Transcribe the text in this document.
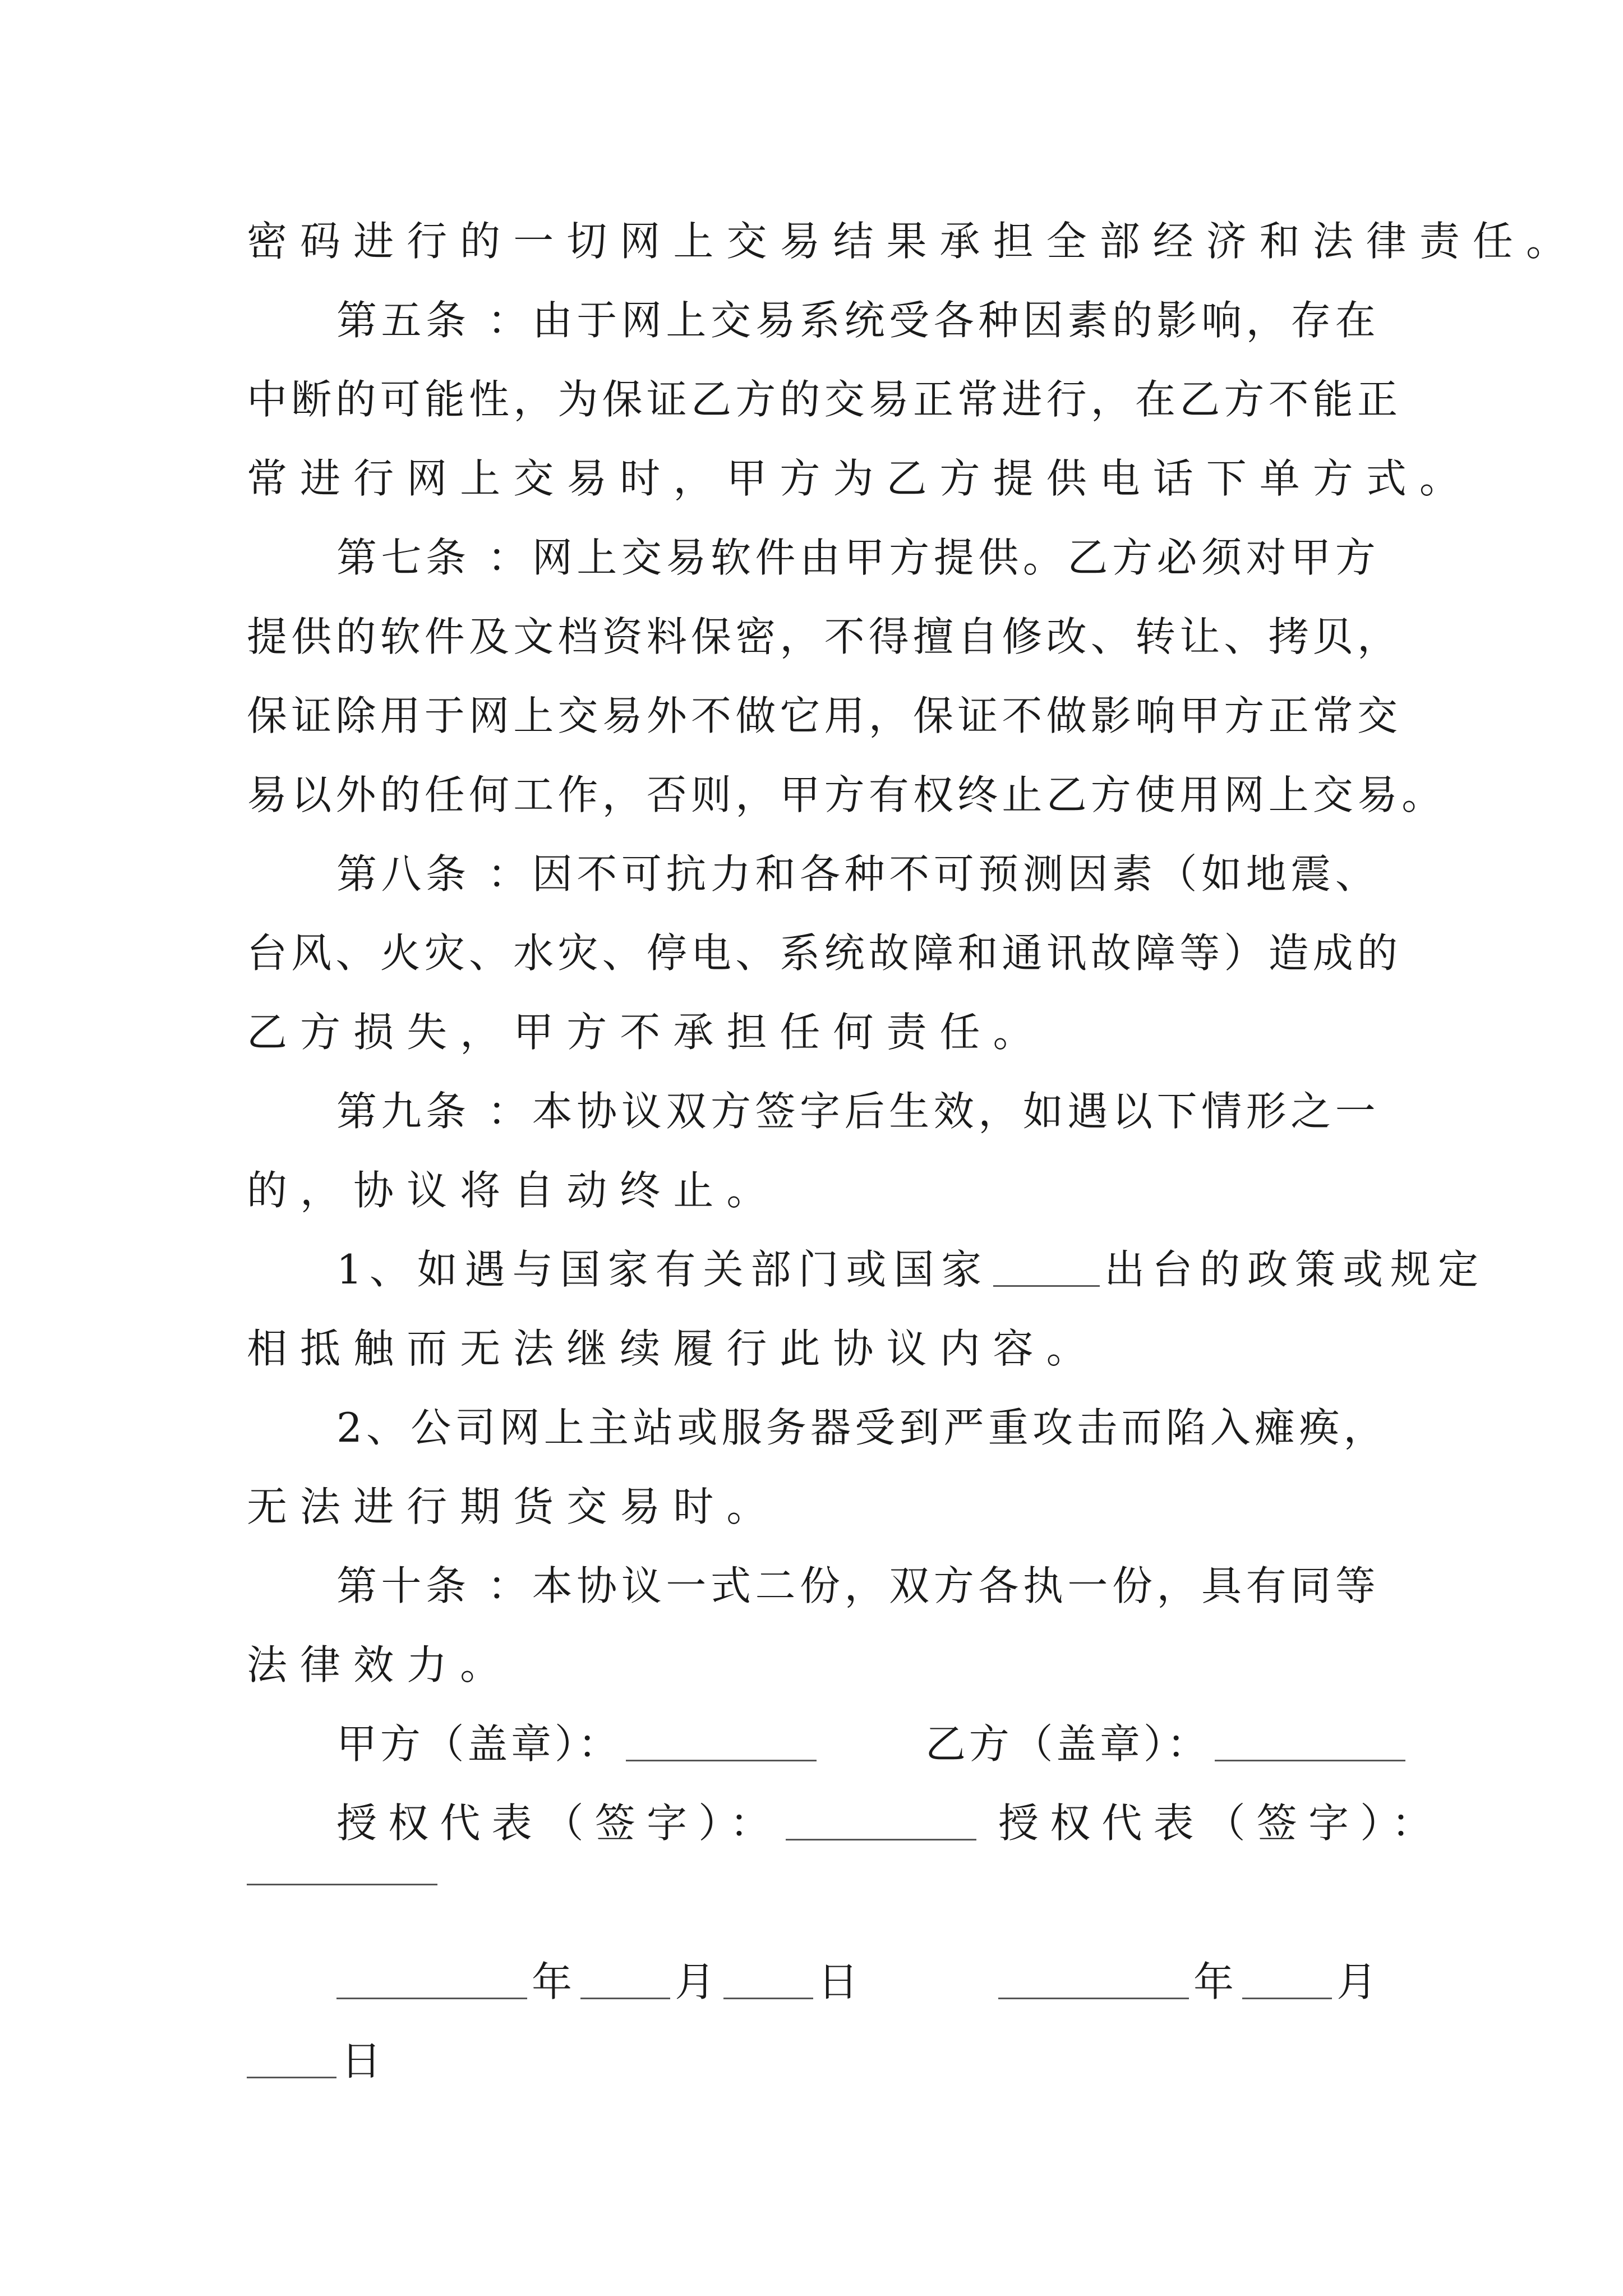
密码进行的一切网上交易结果承担全部经济和法律责任。
第五条 ：由于网上交易系统受各种因素的影响，存在
中断的可能性，为保证乙方的交易正常进行，在乙方不能正
常进行网上交易时，甲方为乙方提供电话下单方式。
第七条 ：网上交易软件由甲方提供。乙方必须对甲方
提供的软件及文档资料保密，不得擅自修改、转让、拷贝，
保证除用于网上交易外不做它用，保证不做影响甲方正常交
易以外的任何工作，否则，甲方有权终止乙方使用网上交易。
第八条 ：因不可抗力和各种不可预测因素（如地震、
台风、火灾、水灾、停电、系统故障和通讯故障等）造成的
乙方损失，甲方不承担任何责任。
第九条 ：本协议双方签字后生效，如遇以下情形之一
的，协议将自动终止。
1、如遇与国家有关部门或国家	出台的政策或规定
相抵触而无法继续履行此协议内容。
2、公司网上主站或服务器受到严重攻击而陷入瘫痪，
无法进行期货交易时。
第十条 ：本协议一式二份，双方各执一份，具有同等
法律效力。
甲方（盖章）：	乙方（盖章）：
授权代表（签字）：	授权代表（签字）：
年 月 日	年 月
日
